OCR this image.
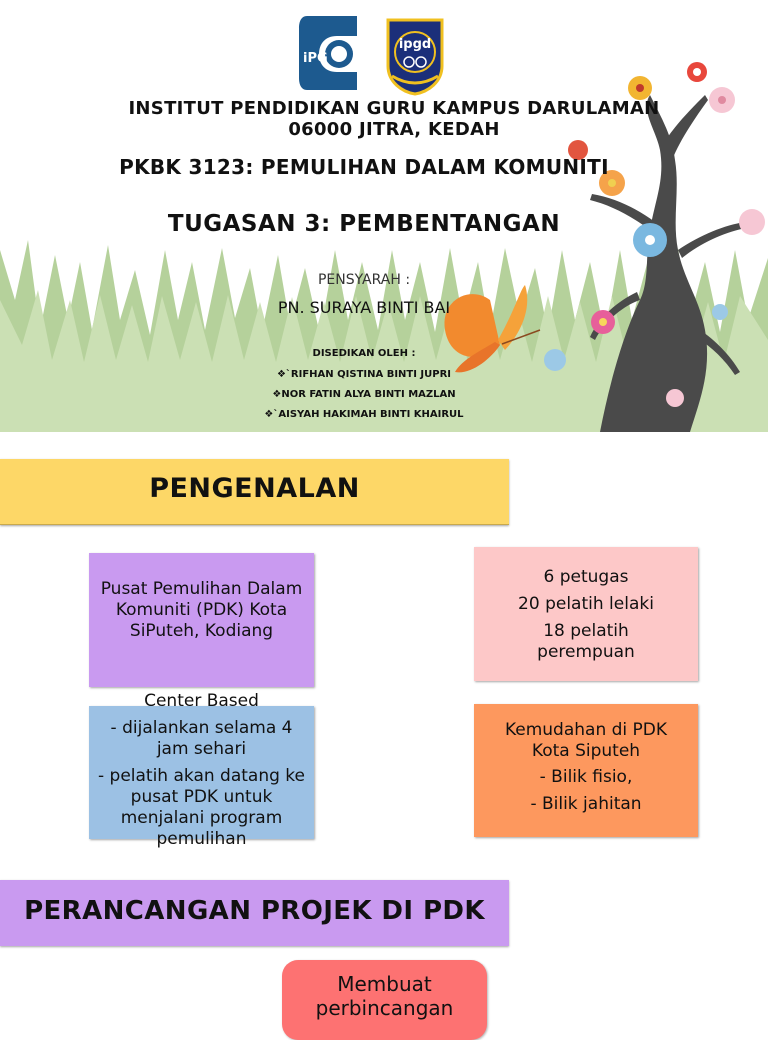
iPG
ipgd
INSTITUT PENDIDIKAN GURU KAMPUS DARULAMAN
06000 JITRA, KEDAH
PKBK 3123: PEMULIHAN DALAM KOMUNITI
TUGASAN 3: PEMBENTANGAN
PENSYARAH :
PN. SURAYA BINTI BAI
DISEDIKAN OLEH :
❖`RIFHAN QISTINA BINTI JUPRI
❖NOR FATIN ALYA BINTI MAZLAN
❖`AISYAH HAKIMAH BINTI KHAIRUL
PENGENALAN
Pusat Pemulihan Dalam Komuniti (PDK) Kota SiPuteh, Kodiang

6 petugas

20 pelatih lelaki

18 pelatih perempuan

- dijalankan selama 4 jam sehari
- pelatih akan datang ke pusat PDK untuk menjalani program pemulihan
Center Based
Kemudahan di PDK Kota Siputeh
- Bilik fisio,
- Bilik jahitan
PERANCANGAN PROJEK DI PDK
Membuat perbincangan
